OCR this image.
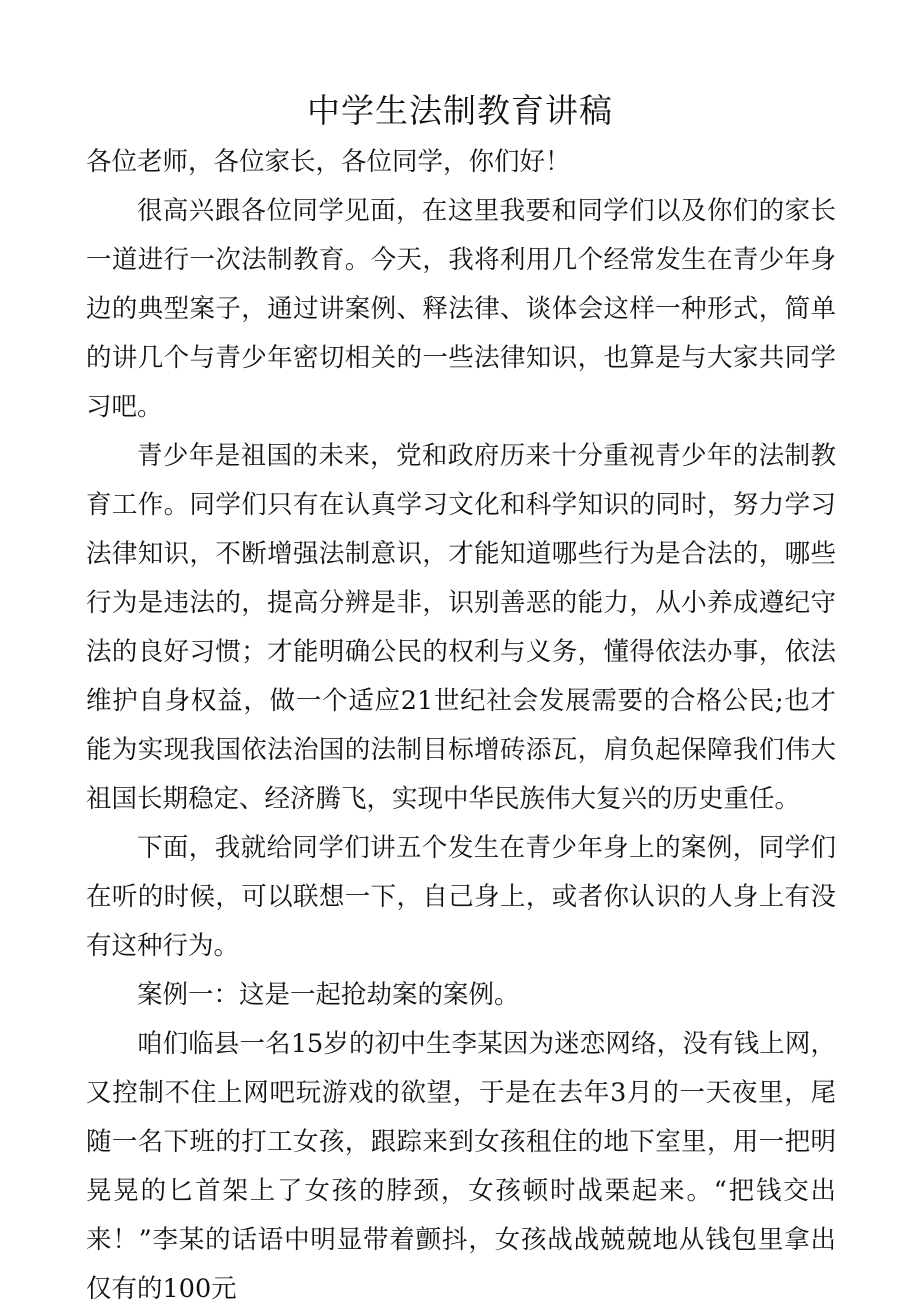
中学生法制教育讲稿

各位老师，各位家长，各位同学，你们好！

很高兴跟各位同学见面，在这里我要和同学们以及你们的家长一道进行一次法制教育。今天，我将利用几个经常发生在青少年身边的典型案子，通过讲案例、释法律、谈体会这样一种形式，简单的讲几个与青少年密切相关的一些法律知识，也算是与大家共同学习吧。

青少年是祖国的未来，党和政府历来十分重视青少年的法制教育工作。同学们只有在认真学习文化和科学知识的同时，努力学习法律知识，不断增强法制意识，才能知道哪些行为是合法的，哪些行为是违法的，提高分辨是非，识别善恶的能力，从小养成遵纪守法的良好习惯；才能明确公民的权利与义务，懂得依法办事，依法维护自身权益，做一个适应21世纪社会发展需要的合格公民;也才能为实现我国依法治国的法制目标增砖添瓦，肩负起保障我们伟大祖国长期稳定、经济腾飞，实现中华民族伟大复兴的历史重任。

下面，我就给同学们讲五个发生在青少年身上的案例，同学们在听的时候，可以联想一下，自己身上，或者你认识的人身上有没有这种行为。

案例一：这是一起抢劫案的案例。

咱们临县一名15岁的初中生李某因为迷恋网络，没有钱上网，又控制不住上网吧玩游戏的欲望，于是在去年3月的一天夜里，尾随一名下班的打工女孩，跟踪来到女孩租住的地下室里，用一把明晃晃的匕首架上了女孩的脖颈，女孩顿时战栗起来。“把钱交出来！”李某的话语中明显带着颤抖，女孩战战兢兢地从钱包里拿出仅有的100元
